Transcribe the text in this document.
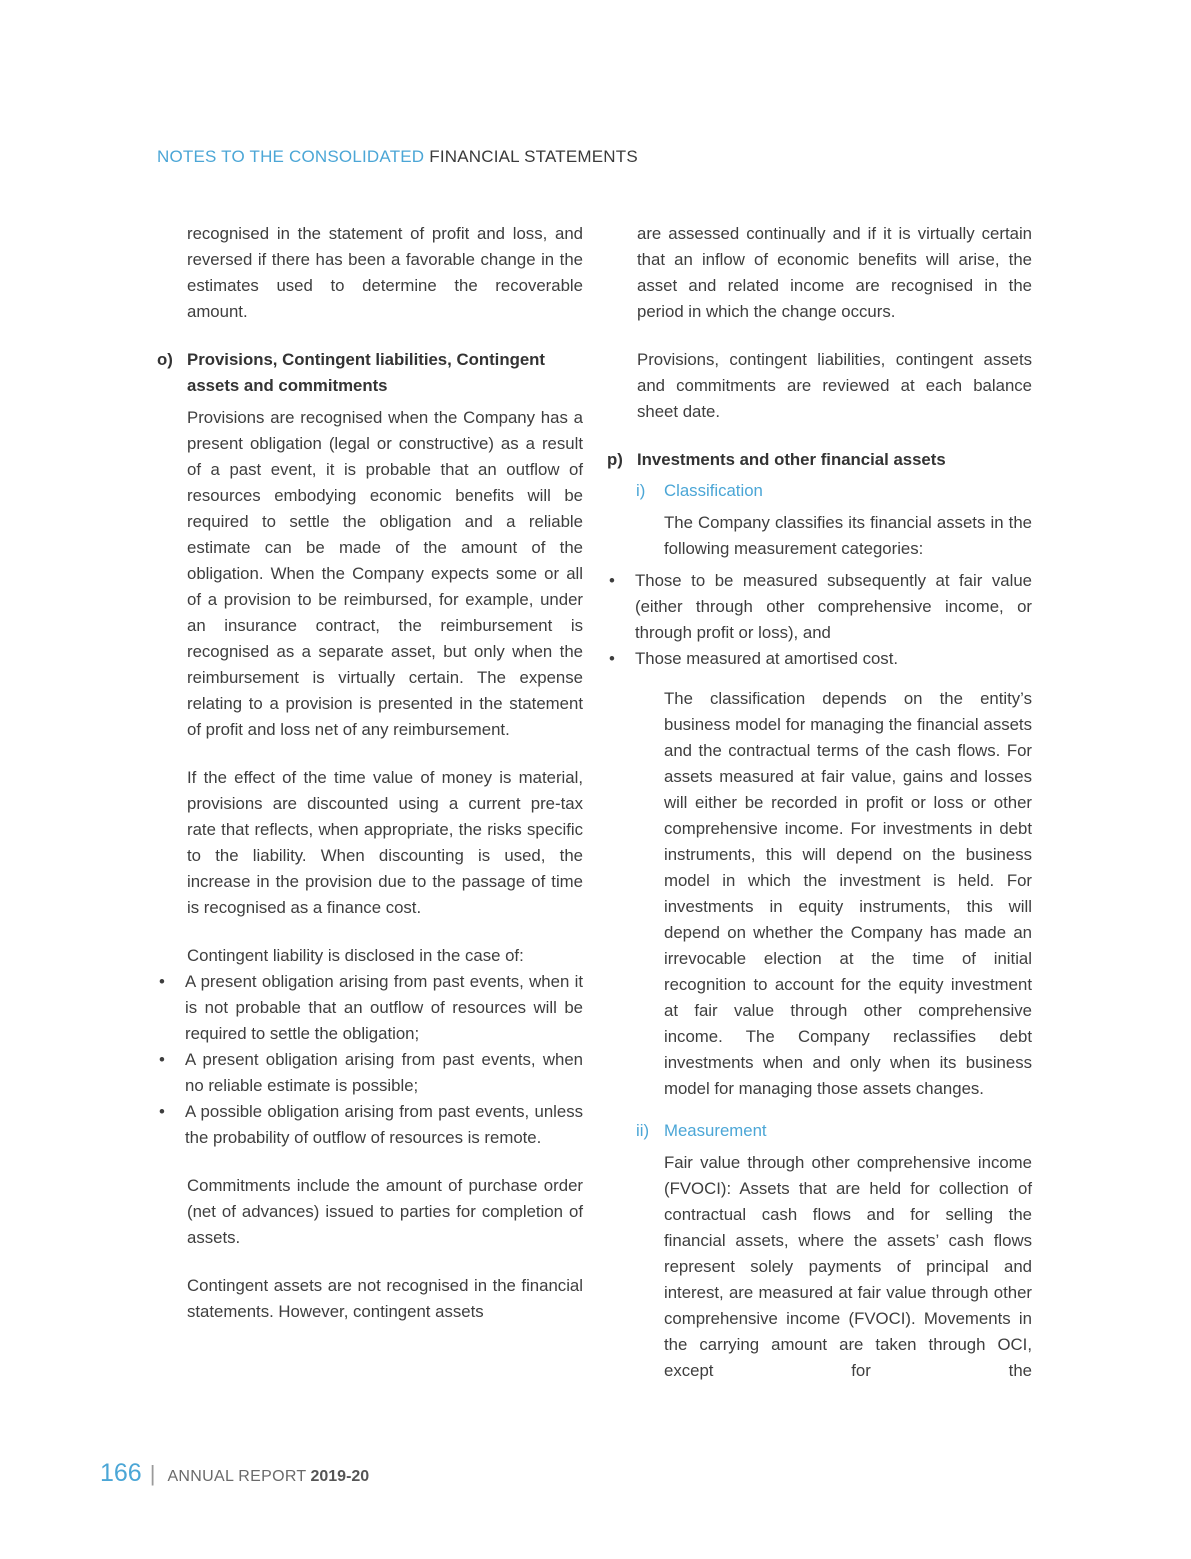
NOTES TO THE CONSOLIDATED FINANCIAL STATEMENTS

recognised in the statement of profit and loss, and reversed if there has been a favorable change in the estimates used to determine the recoverable amount.

o) Provisions, Contingent liabilities, Contingent assets and commitments

Provisions are recognised when the Company has a present obligation (legal or constructive) as a result of a past event, it is probable that an outflow of resources embodying economic benefits will be required to settle the obligation and a reliable estimate can be made of the amount of the obligation. When the Company expects some or all of a provision to be reimbursed, for example, under an insurance contract, the reimbursement is recognised as a separate asset, but only when the reimbursement is virtually certain. The expense relating to a provision is presented in the statement of profit and loss net of any reimbursement.

If the effect of the time value of money is material, provisions are discounted using a current pre-tax rate that reflects, when appropriate, the risks specific to the liability. When discounting is used, the increase in the provision due to the passage of time is recognised as a finance cost.

Contingent liability is disclosed in the case of:

• A present obligation arising from past events, when it is not probable that an outflow of resources will be required to settle the obligation;
• A present obligation arising from past events, when no reliable estimate is possible;
• A possible obligation arising from past events, unless the probability of outflow of resources is remote.

Commitments include the amount of purchase order (net of advances) issued to parties for completion of assets.

Contingent assets are not recognised in the financial statements. However, contingent assets

are assessed continually and if it is virtually certain that an inflow of economic benefits will arise, the asset and related income are recognised in the period in which the change occurs.

Provisions, contingent liabilities, contingent assets and commitments are reviewed at each balance sheet date.

p) Investments and other financial assets
i)	Classification

The Company classifies its financial assets in the following measurement categories:

• Those to be measured subsequently at fair value (either through other comprehensive income, or through profit or loss), and
• Those measured at amortised cost.

The classification depends on the entity’s business model for managing the financial assets and the contractual terms of the cash flows. For assets measured at fair value, gains and losses will either be recorded in profit or loss or other comprehensive income. For investments in debt instruments, this will depend on the business model in which the investment is held. For investments in equity instruments, this will depend on whether the Company has made an irrevocable election at the time of initial recognition to account for the equity investment at fair value through other comprehensive income. The Company reclassifies debt investments when and only when its business model for managing those assets changes.

ii) Measurement

Fair value through other comprehensive income (FVOCI): Assets that are held for collection of contractual cash flows and for selling the financial assets, where the assets’ cash flows represent solely payments of principal and interest, are measured at fair value through other comprehensive income (FVOCI). Movements in the carrying amount are taken through OCI, except for the

166 | ANNUAL REPORT 2019-20
